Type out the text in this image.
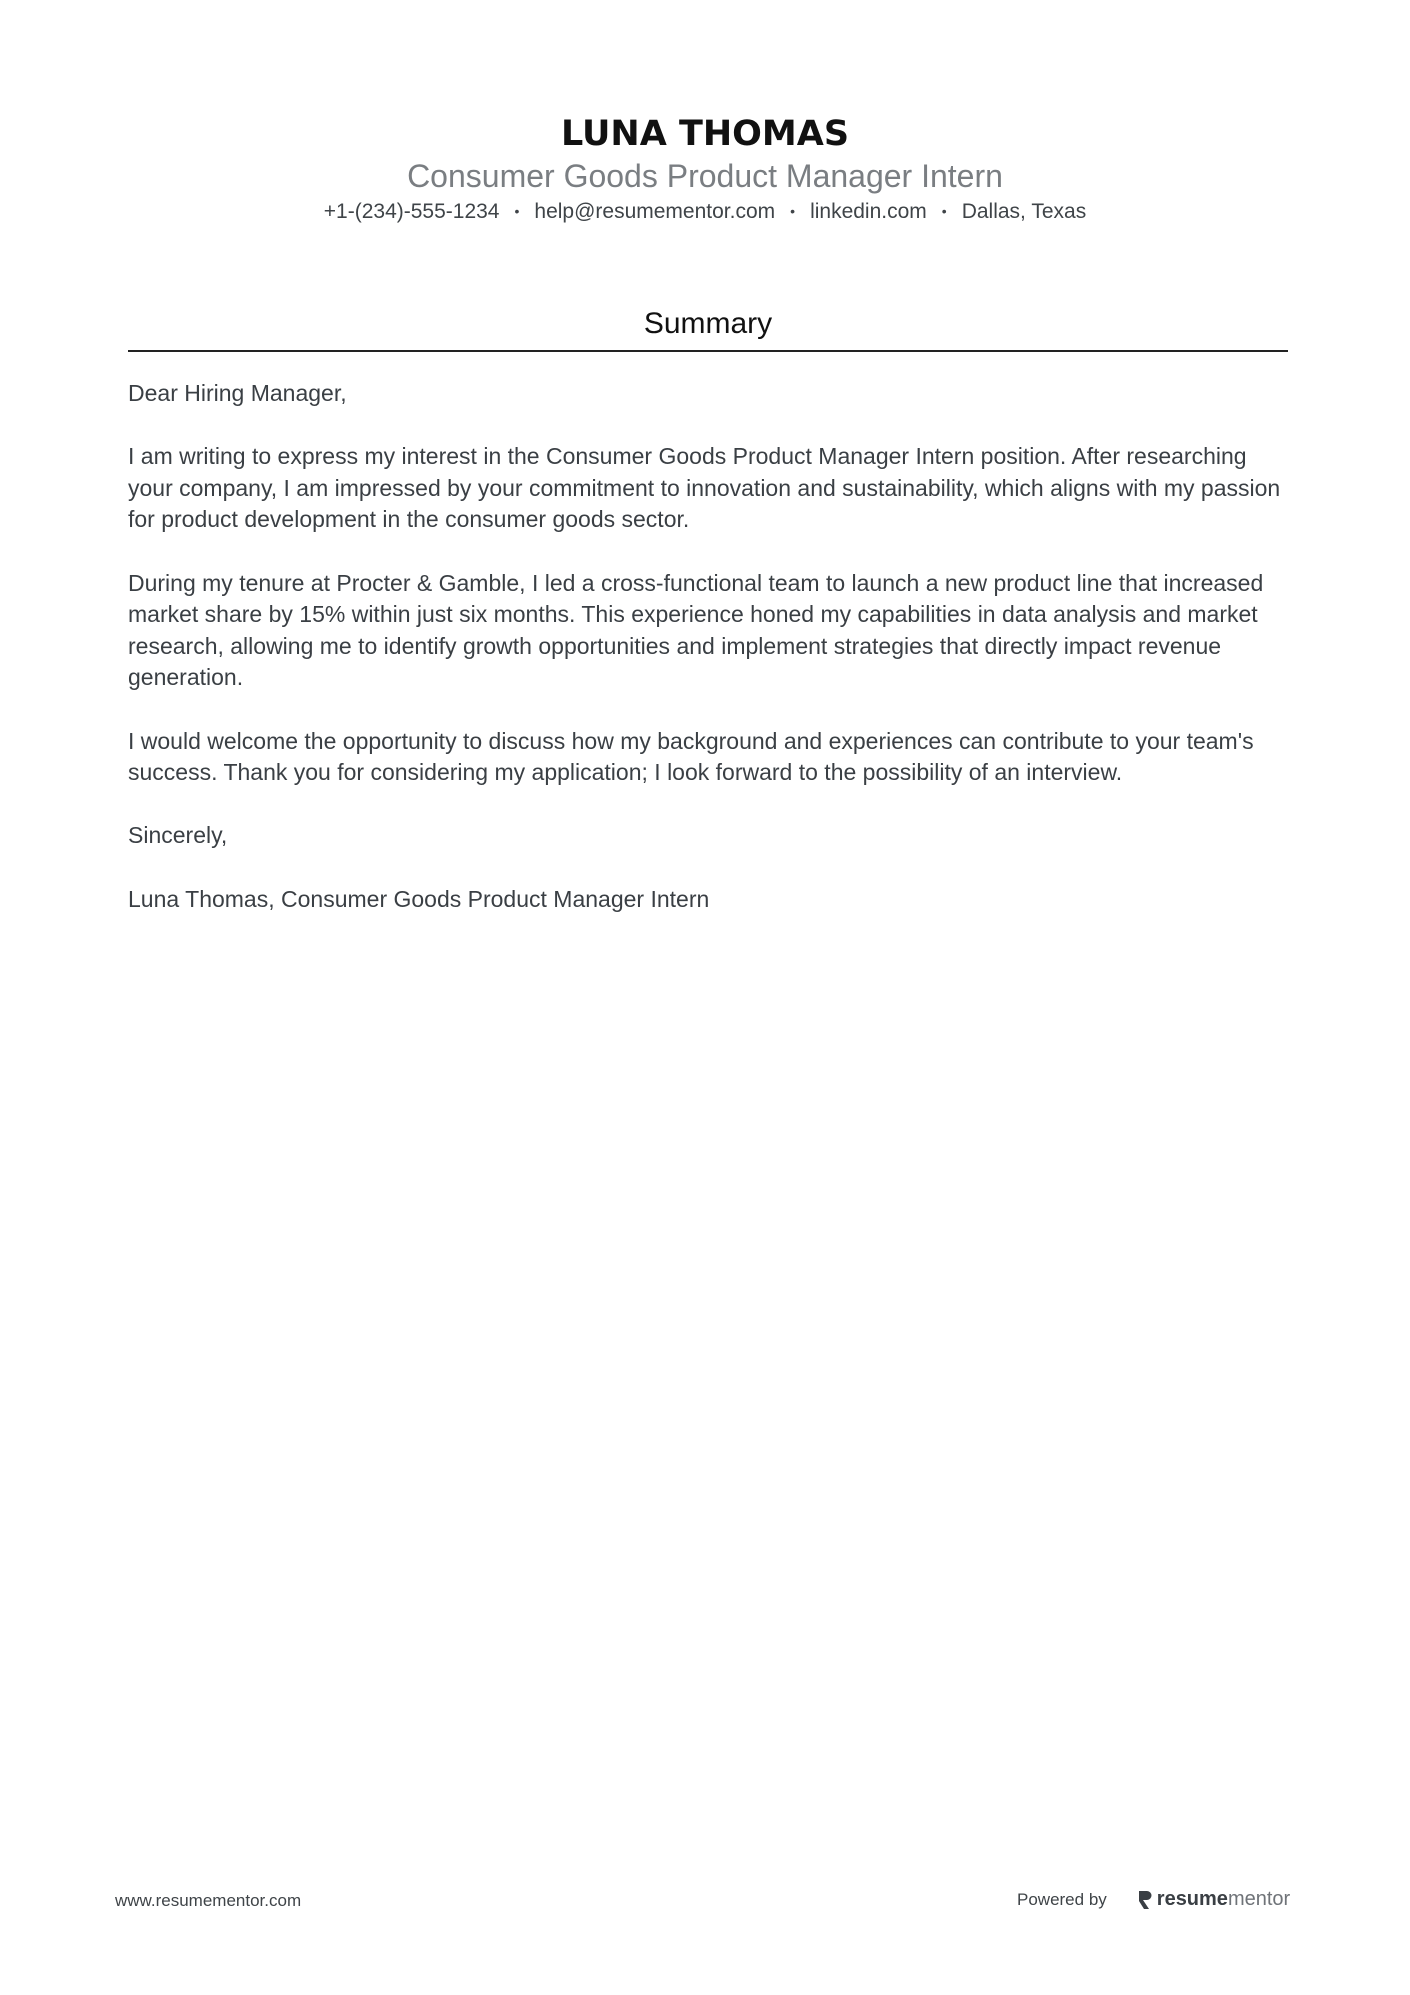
LUNA THOMAS
Consumer Goods Product Manager Intern
+1-(234)-555-1234 • help@resumementor.com • linkedin.com • Dallas, Texas
Summary

Dear Hiring Manager,

I am writing to express my interest in the Consumer Goods Product Manager Intern position. After researching your company, I am impressed by your commitment to innovation and sustainability, which aligns with my passion for product development in the consumer goods sector.

During my tenure at Procter & Gamble, I led a cross-functional team to launch a new product line that increased market share by 15% within just six months. This experience honed my capabilities in data analysis and market research, allowing me to identify growth opportunities and implement strategies that directly impact revenue generation.

I would welcome the opportunity to discuss how my background and experiences can contribute to your team's success. Thank you for considering my application; I look forward to the possibility of an interview.

Sincerely,

Luna Thomas, Consumer Goods Product Manager Intern

www.resumementor.com	Powered by	resume mentor
